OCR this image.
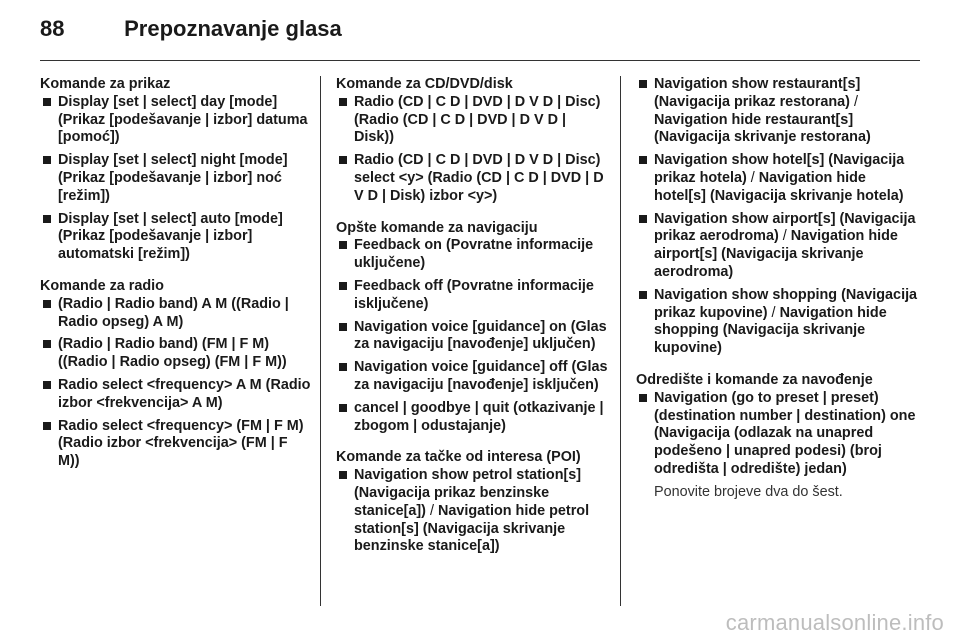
88	Prepoznavanje glasa
Komande za prikaz
Display [set | select] day [mode] (Prikaz [podešavanje | izbor] datuma [pomoć])
Display [set | select] night [mode] (Prikaz [podešavanje | izbor] noć [režim])
Display [set | select] auto [mode] (Prikaz [podešavanje | izbor] automatski [režim])
Komande za radio
(Radio | Radio band) A M ((Radio | Radio opseg) A M)
(Radio | Radio band) (FM | F M) ((Radio | Radio opseg) (FM | F M))
Radio select <frequency> A M (Radio izbor <frekvencija> A M)
Radio select <frequency> (FM | F M) (Radio izbor <frekvencija> (FM | F M))
Komande za CD/DVD/disk
Radio (CD | C D | DVD | D V D | Disc) (Radio (CD | C D | DVD | D V D | Disk))
Radio (CD | C D | DVD | D V D | Disc) select <y> (Radio (CD | C D | DVD | D V D | Disk) izbor <y>)
Opšte komande za navigaciju
Feedback on (Povratne informacije uključene)
Feedback off (Povratne informacije isključene)
Navigation voice [guidance] on (Glas za navigaciju [navođenje] uključen)
Navigation voice [guidance] off (Glas za navigaciju [navođenje] isključen)
cancel | goodbye | quit (otkazivanje | zbogom | odustajanje)
Komande za tačke od interesa (POI)
Navigation show petrol station[s] (Navigacija prikaz benzinske stanice[a]) / Navigation hide petrol station[s] (Navigacija skrivanje benzinske stanice[a])
Navigation show restaurant[s] (Navigacija prikaz restorana) / Navigation hide restaurant[s] (Navigacija skrivanje restorana)
Navigation show hotel[s] (Navigacija prikaz hotela) / Navigation hide hotel[s] (Navigacija skrivanje hotela)
Navigation show airport[s] (Navigacija prikaz aerodroma) / Navigation hide airport[s] (Navigacija skrivanje aerodroma)
Navigation show shopping (Navigacija prikaz kupovine) / Navigation hide shopping (Navigacija skrivanje kupovine)
Odredište i komande za navođenje
Navigation (go to preset | preset) (destination number | destination) one (Navigacija (odlazak na unapred podešeno | unapred podesi) (broj odredišta | odredište) jedan)
Ponovite brojeve dva do šest.
carmanualsonline.info
